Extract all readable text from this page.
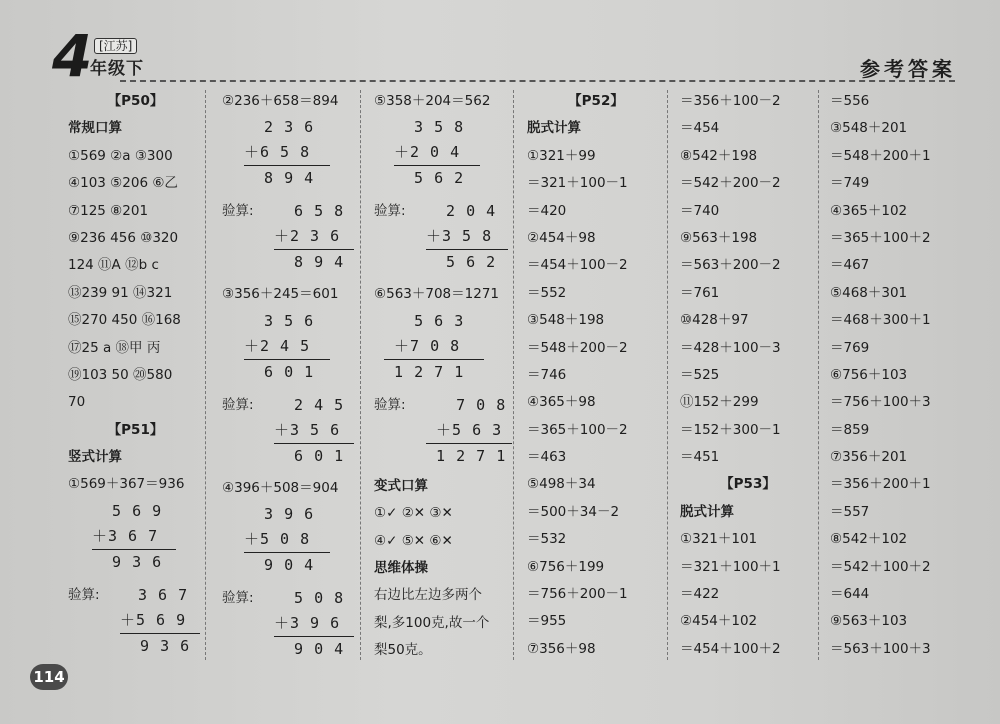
4 [江苏]
年级下	参考答案
【P50】
常规口算
①569 ②a ③300
④103 ⑤206 ⑥乙
⑦125 ⑧201
⑨236 456 ⑩320
124 ⑪A ⑫b c
⑬239 91 ⑭321
⑮270 450 ⑯168
⑰25 a ⑱甲 丙
⑲103 50 ⑳580
70
【P51】
竖式计算
①569＋367＝936
5 6 9
＋3 6 7
9 3 6
验算:	3 6 7
＋5 6 9
9 3 6
②236＋658＝894
2 3 6
＋6 5 8
8 9 4
验算:	6 5 8
＋2 3 6
8 9 4
③356＋245＝601
3 5 6
＋2 4 5
6 0 1
验算:	2 4 5
＋3 5 6
6 0 1
④396＋508＝904
3 9 6
＋5 0 8
9 0 4
验算:	5 0 8
＋3 9 6
9 0 4
⑤358＋204＝562
3 5 8
＋2 0 4
5 6 2
验算:	2 0 4
＋3 5 8
5 6 2
⑥563＋708＝1271
5 6 3
＋7 0 8
1 2 7 1
验算:	7 0 8
＋5 6 3
1 2 7 1
变式口算
①✓ ②✕ ③✕
④✓ ⑤✕ ⑥✕
思维体操
右边比左边多两个
梨,多100克,故一个
梨50克。
【P52】
脱式计算
①321＋99
＝321＋100－1
＝420
②454＋98
＝454＋100－2
＝552
③548＋198
＝548＋200－2
＝746
④365＋98
＝365＋100－2
＝463
⑤498＋34
＝500＋34－2
＝532
⑥756＋199
＝756＋200－1
＝955
⑦356＋98
＝356＋100－2
＝454
⑧542＋198
＝542＋200－2
＝740
⑨563＋198
＝563＋200－2
＝761
⑩428＋97
＝428＋100－3
＝525
⑪152＋299
＝152＋300－1
＝451
【P53】
脱式计算
①321＋101
＝321＋100＋1
＝422
②454＋102
＝454＋100＋2
＝556
③548＋201
＝548＋200＋1
＝749
④365＋102
＝365＋100＋2
＝467
⑤468＋301
＝468＋300＋1
＝769
⑥756＋103
＝756＋100＋3
＝859
⑦356＋201
＝356＋200＋1
＝557
⑧542＋102
＝542＋100＋2
＝644
⑨563＋103
＝563＋100＋3
114
